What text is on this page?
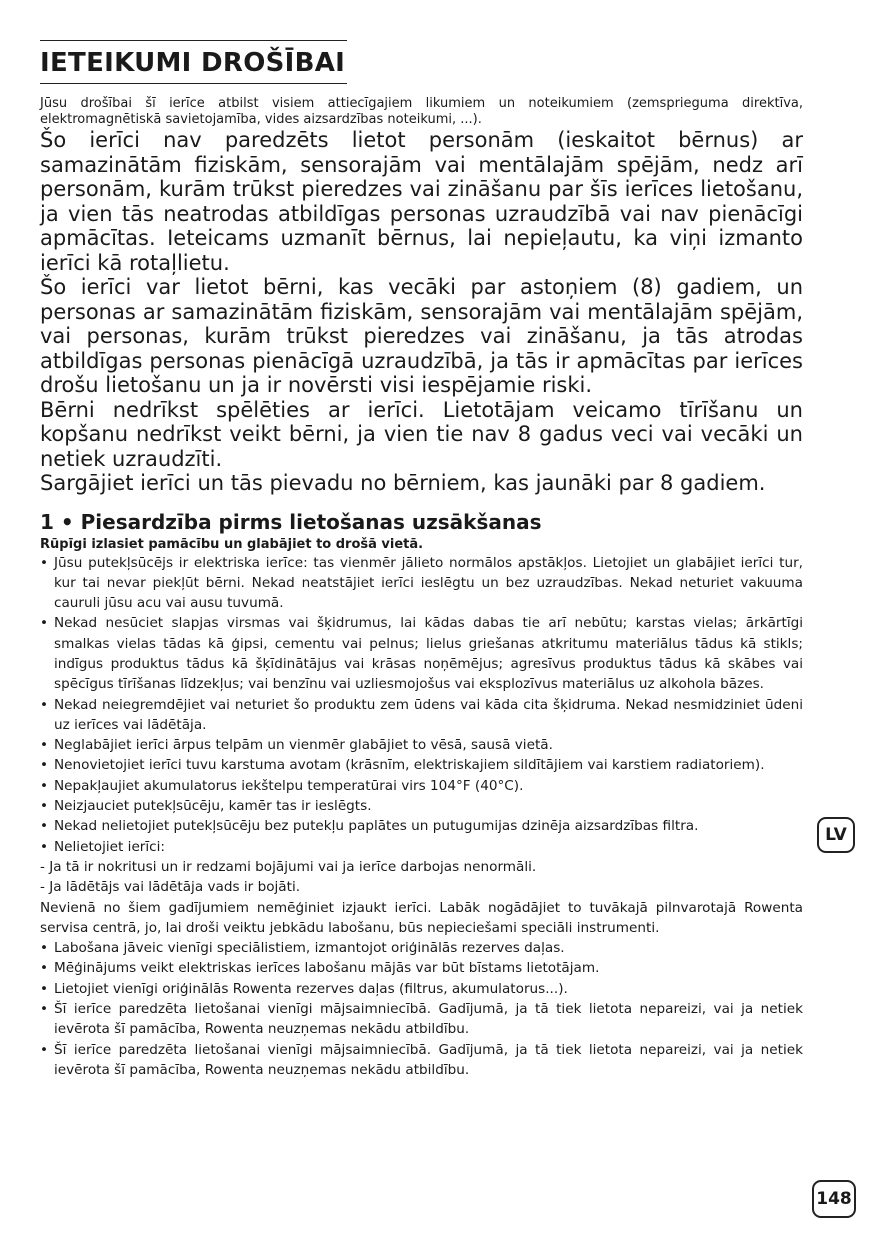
IETEIKUMI DROŠĪBAI

Jūsu drošībai šī ierīce atbilst visiem attiecīgajiem likumiem un noteikumiem (zemsprieguma direktīva, elektromagnētiskā savietojamība, vides aizsardzības noteikumi, ...).

Šo ierīci nav paredzēts lietot personām (ieskaitot bērnus) ar samazinātām fiziskām, sensorajām vai mentālajām spējām, nedz arī personām, kurām trūkst pieredzes vai zināšanu par šīs ierīces lietošanu, ja vien tās neatrodas atbildīgas personas uzraudzībā vai nav pienācīgi apmācītas. Ieteicams uzmanīt bērnus, lai nepieļautu, ka viņi izmanto ierīci kā rotaļlietu.

Šo ierīci var lietot bērni, kas vecāki par astoņiem (8) gadiem, un personas ar samazinātām fiziskām, sensorajām vai mentālajām spējām, vai personas, kurām trūkst pieredzes vai zināšanu, ja tās atrodas atbildīgas personas pienācīgā uzraudzībā, ja tās ir apmācītas par ierīces drošu lietošanu un ja ir novērsti visi iespējamie riski.

Bērni nedrīkst spēlēties ar ierīci. Lietotājam veicamo tīrīšanu un kopšanu nedrīkst veikt bērni, ja vien tie nav 8 gadus veci vai vecāki un netiek uzraudzīti.

Sargājiet ierīci un tās pievadu no bērniem, kas jaunāki par 8 gadiem.

1 • Piesardzība pirms lietošanas uzsākšanas

Rūpīgi izlasiet pamācību un glabājiet to drošā vietā.

• Jūsu putekļsūcējs ir elektriska ierīce: tas vienmēr jālieto normālos apstākļos. Lietojiet un glabājiet ierīci tur, kur tai nevar piekļūt bērni. Nekad neatstājiet ierīci ieslēgtu un bez uzraudzības. Nekad neturiet vakuuma cauruli jūsu acu vai ausu tuvumā.
• Nekad nesūciet slapjas virsmas vai šķidrumus, lai kādas dabas tie arī nebūtu; karstas vielas; ārkārtīgi smalkas vielas tādas kā ģipsi, cementu vai pelnus; lielus griešanas atkritumu materiālus tādus kā stikls; indīgus produktus tādus kā šķīdinātājus vai krāsas noņēmējus; agresīvus produktus tādus kā skābes vai spēcīgus tīrīšanas līdzekļus; vai benzīnu vai uzliesmojošus vai eksplozīvus materiālus uz alkohola bāzes.
• Nekad neiegremdējiet vai neturiet šo produktu zem ūdens vai kāda cita šķidruma. Nekad nesmidziniet ūdeni uz ierīces vai lādētāja.
• Neglabājiet ierīci ārpus telpām un vienmēr glabājiet to vēsā, sausā vietā.
• Nenovietojiet ierīci tuvu karstuma avotam (krāsnīm, elektriskajiem sildītājiem vai karstiem radiatoriem).
• Nepakļaujiet akumulatorus iekštelpu temperatūrai virs 104°F (40°C).
• Neizjauciet putekļsūcēju, kamēr tas ir ieslēgts.
• Nekad nelietojiet putekļsūcēju bez putekļu paplātes un putugumijas dzinēja aizsardzības filtra.
• Nelietojiet ierīci:

- Ja tā ir nokritusi un ir redzami bojājumi vai ja ierīce darbojas nenormāli.

- Ja lādētājs vai lādētāja vads ir bojāti.

Nevienā no šiem gadījumiem nemēģiniet izjaukt ierīci. Labāk nogādājiet to tuvākajā pilnvarotajā Rowenta servisa centrā, jo, lai droši veiktu jebkādu labošanu, būs nepieciešami speciāli instrumenti.

• Labošana jāveic vienīgi speciālistiem, izmantojot oriģinālās rezerves daļas.
• Mēģinājums veikt elektriskas ierīces labošanu mājās var būt bīstams lietotājam.
• Lietojiet vienīgi oriģinālās Rowenta rezerves daļas (filtrus, akumulatorus...).
• Šī ierīce paredzēta lietošanai vienīgi mājsaimniecībā. Gadījumā, ja tā tiek lietota nepareizi, vai ja netiek ievērota šī pamācība, Rowenta neuzņemas nekādu atbildību.
• Šī ierīce paredzēta lietošanai vienīgi mājsaimniecībā. Gadījumā, ja tā tiek lietota nepareizi, vai ja netiek ievērota šī pamācība, Rowenta neuzņemas nekādu atbildību.
LV
148
